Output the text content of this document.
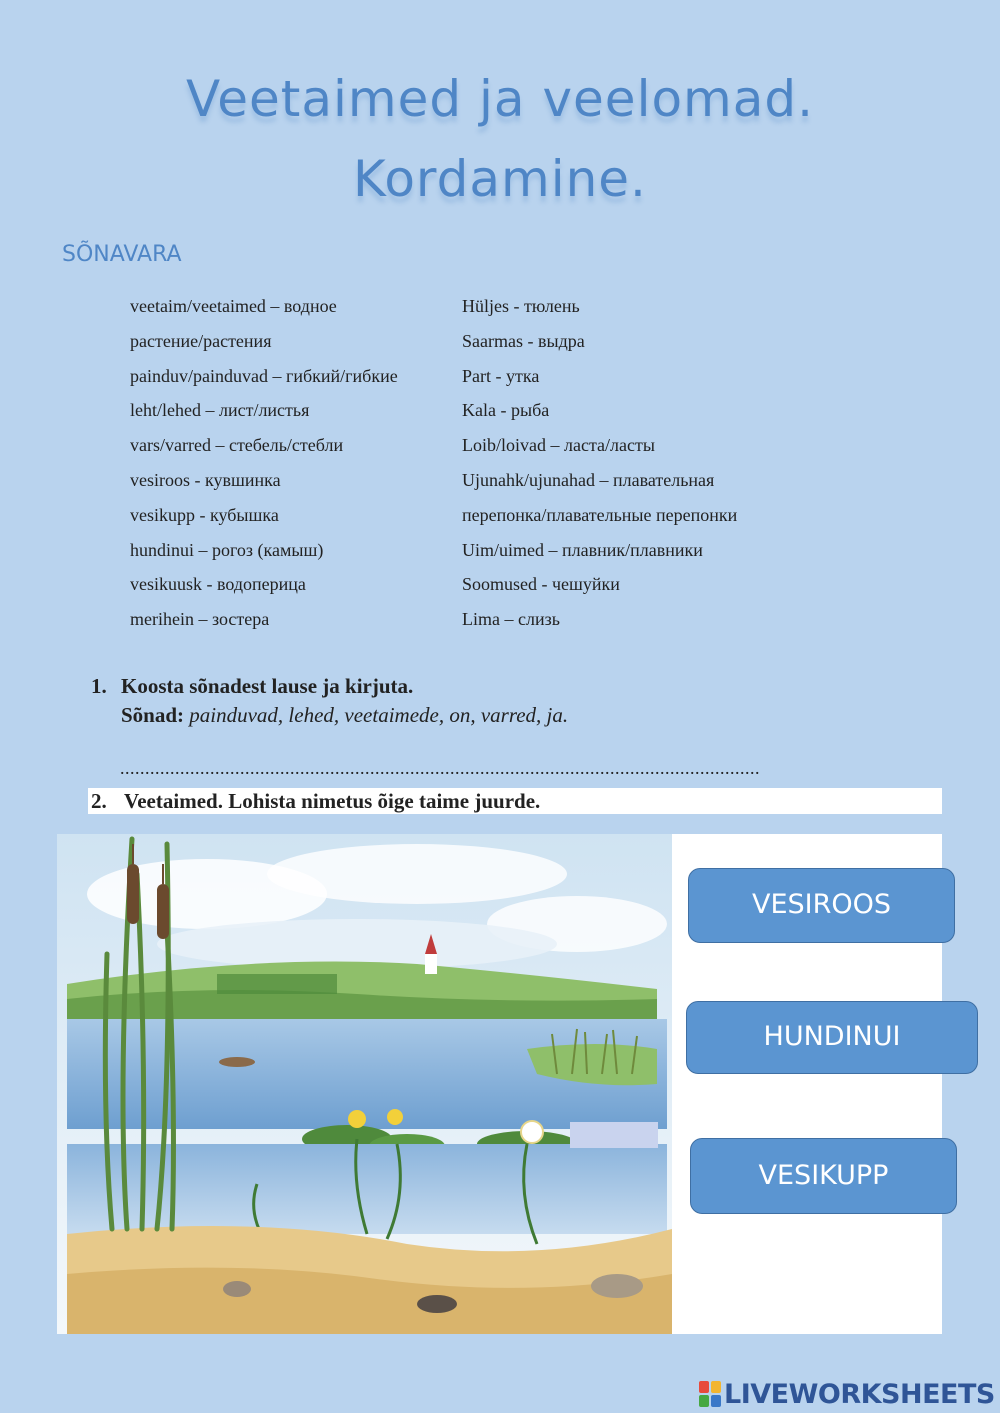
Veetaimed ja veelomad.
Kordamine.
SÕNAVARA
veetaim/veetaimed – водное
растение/растения
painduv/painduvad – гибкий/гибкие
leht/lehed – лист/листья
vars/varred – стебель/стебли
vesiroos - кувшинка
vesikupp - кубышка
hundinui – рогоз (камыш)
vesikuusk - водоперица
merihein – зостера
Hüljes - тюлень
Saarmas - выдра
Part - утка
Kala - рыба
Loib/loivad – ласта/ласты
Ujunahk/ujunahad – плавательная
перепонка/плавательные перепонки
Uim/uimed – плавник/плавники
Soomused - чешуйки
Lima – слизь
1. Koosta sõnadest lause ja kirjuta.
Sõnad: painduvad, lehed, veetaimede, on, varred, ja.
................................................................................................................................
2. Veetaimed. Lohista nimetus õige taime juurde.
VESIROOS
HUNDINUI
VESIKUPP
LIVEWORKSHEETS
